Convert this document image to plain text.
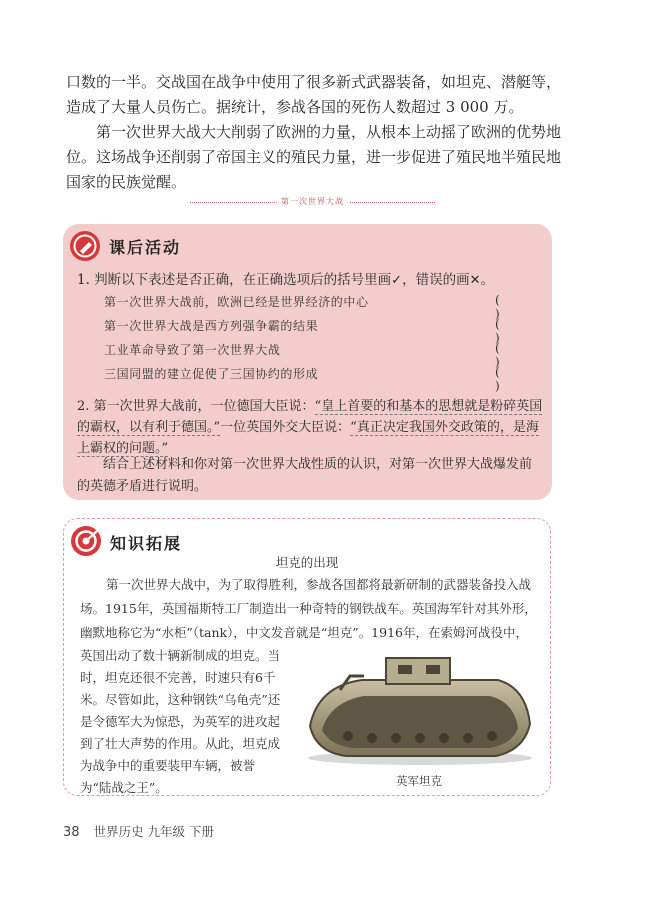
口数的一半。交战国在战争中使用了很多新式武器装备，如坦克、潜艇等，

造成了大量人员伤亡。据统计，参战各国的死伤人数超过 3 000 万。

第一次世界大战大大削弱了欧洲的力量，从根本上动摇了欧洲的优势地位。这场战争还削弱了帝国主义的殖民力量，进一步促进了殖民地半殖民地国家的民族觉醒。

第一次世界大战
课后活动
1. 判断以下表述是否正确，在正确选项后的括号里画✓，错误的画✕。
第一次世界大战前，欧洲已经是世界经济的中心	( )
第一次世界大战是西方列强争霸的结果	( )
工业革命导致了第一次世界大战	( )
三国同盟的建立促使了三国协约的形成	( )
2. 第一次世界大战前，一位德国大臣说：“皇上首要的和基本的思想就是粉碎英国的霸权，以有利于德国。”一位英国外交大臣说：“真正决定我国外交政策的，是海上霸权的问题。”
结合上述材料和你对第一次世界大战性质的认识，对第一次世界大战爆发前的英德矛盾进行说明。
知识拓展
坦克的出现
第一次世界大战中，为了取得胜利，参战各国都将最新研制的武器装备投入战场。1915年，英国福斯特工厂制造出一种奇特的钢铁战车。英国海军针对其外形，幽默地称它为“水柜”（tank），中文发音就是“坦克”。1916年，在索姆河战役中，
英国出动了数十辆新制成的坦克。当
时，坦克还很不完善，时速只有6千米。尽管如此，这种钢铁“乌龟壳”还是令德军大为惊恐，为英军的进攻起到了壮大声势的作用。从此，坦克成为战争中的重要装甲车辆，被誉为“陆战之王”。	英军坦克
38 世界历史 九年级 下册
